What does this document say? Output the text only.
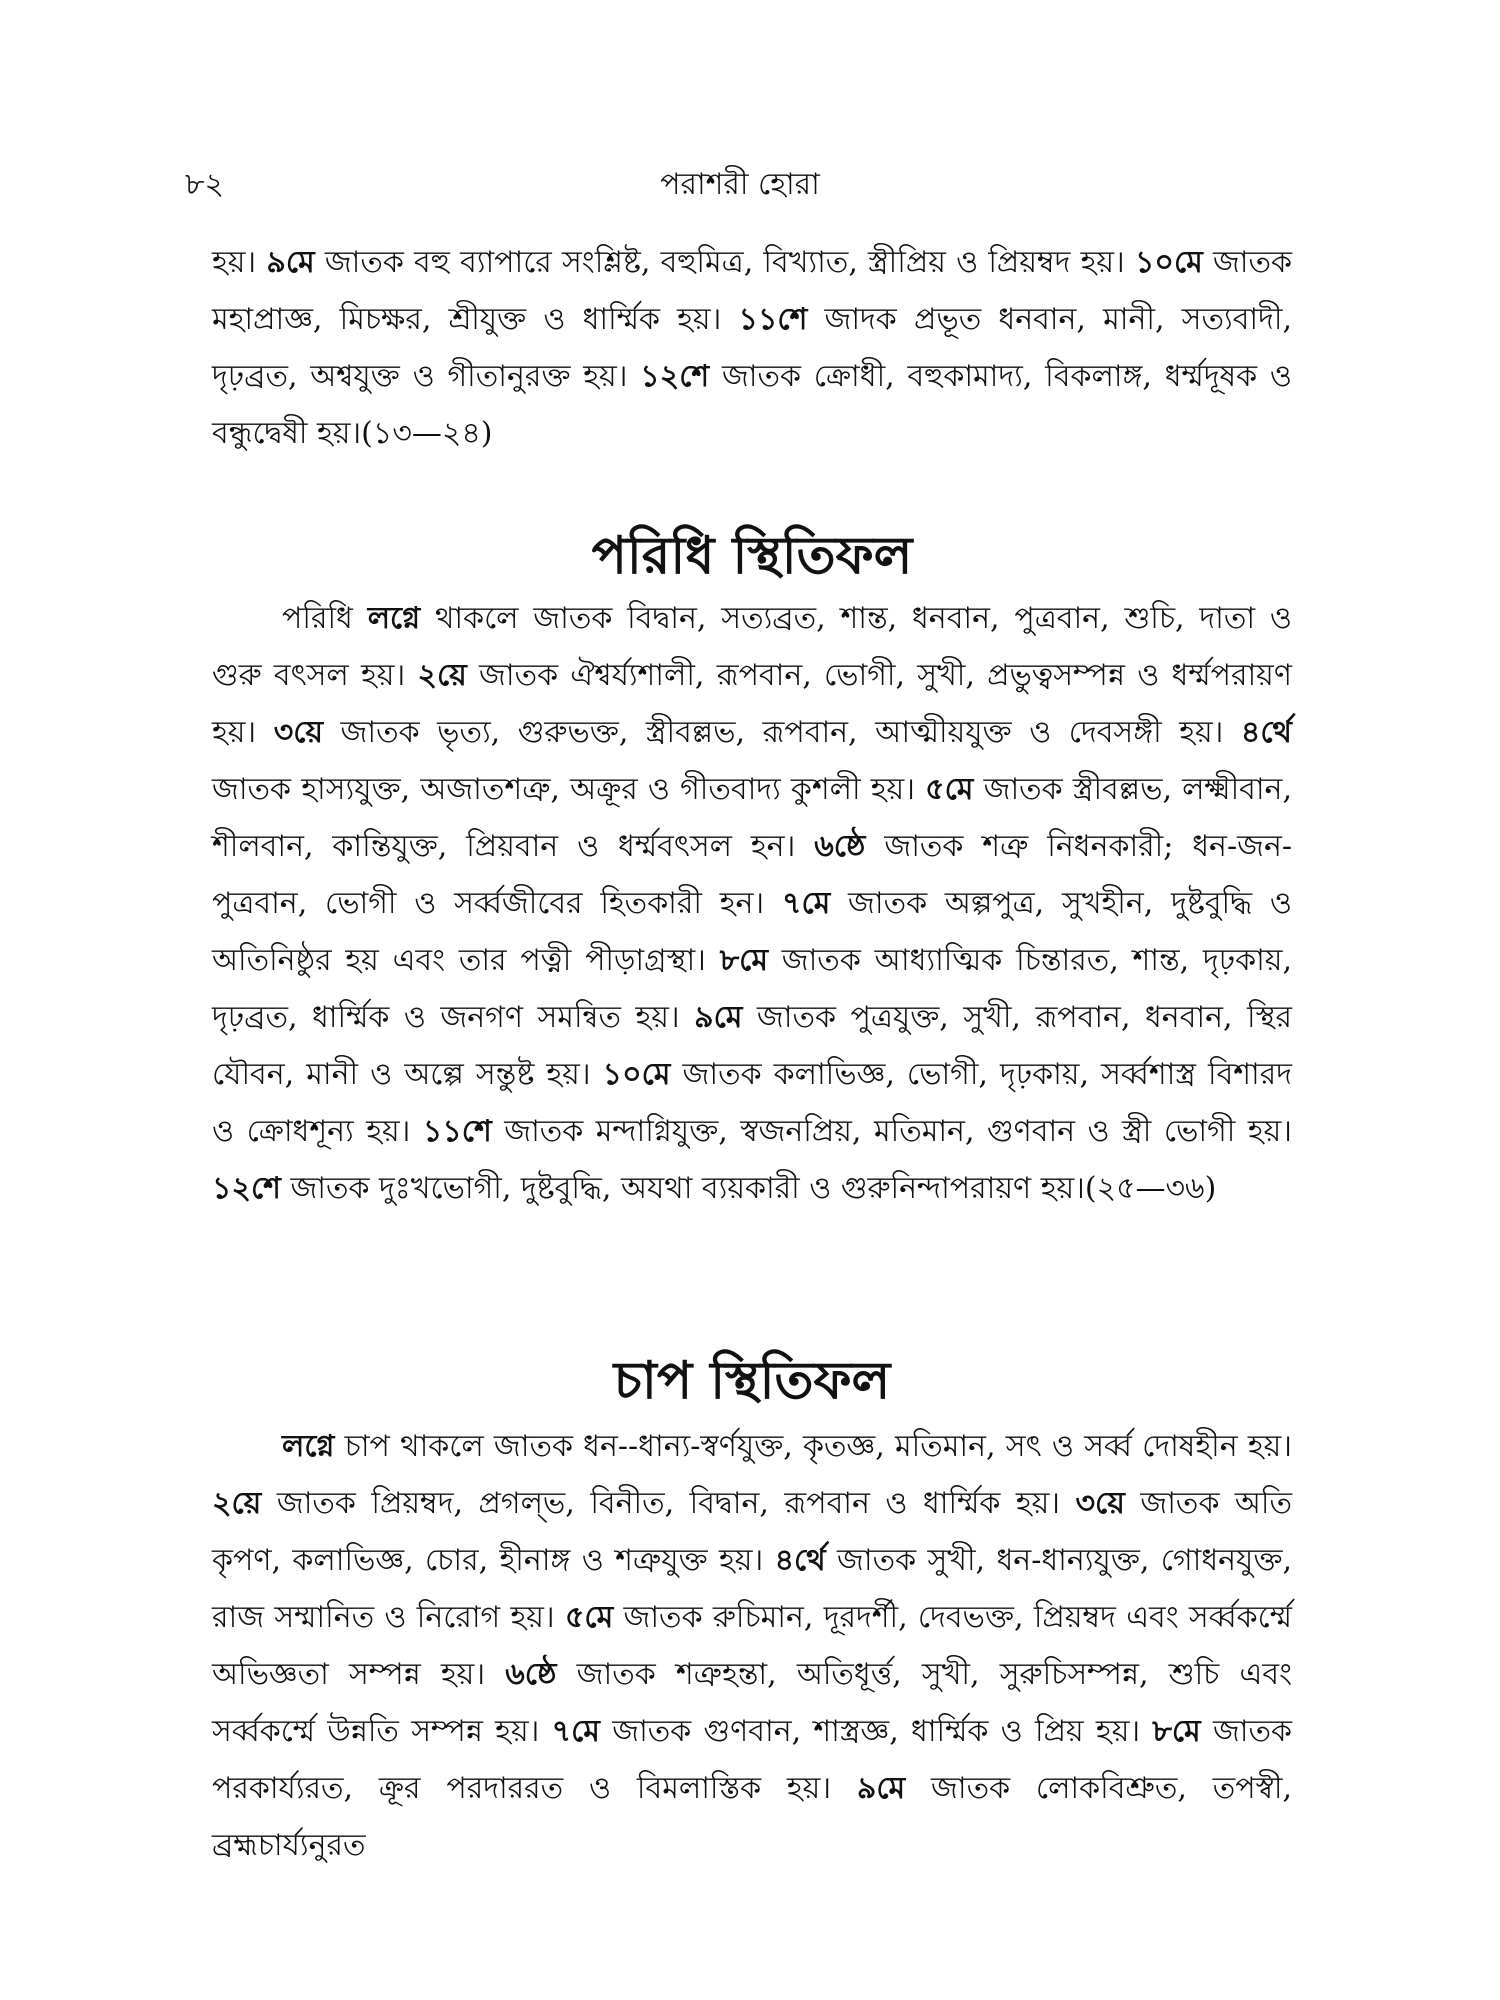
৮২	পরাশরী হোরা

হয়। ৯মে জাতক বহু ব্যাপারে সংশ্লিষ্ট, বহুমিত্র, বিখ্যাত, স্ত্রীপ্রিয় ও প্রিয়ম্বদ হয়। ১০মে জাতক মহাপ্রাজ্ঞ, মিচক্ষর, শ্রীযুক্ত ও ধার্ম্মিক হয়। ১১শে জাদক প্রভূত ধনবান, মানী, সত্যবাদী, দৃঢ়ব্রত, অশ্বযুক্ত ও গীতানুরক্ত হয়। ১২শে জাতক ক্রোধী, বহুকামাদ্য, বিকলাঙ্গ, ধর্ম্মদূষক ও বন্ধুদ্বেষী হয়।(১৩—২৪)

পরিধি স্থিতিফল

পরিধি লগ্নে থাকলে জাতক বিদ্বান, সত্যব্রত, শান্ত, ধনবান, পুত্রবান, শুচি, দাতা ও গুরু বৎসল হয়। ২য়ে জাতক ঐশ্বর্য্যশালী, রূপবান, ভোগী, সুখী, প্রভুত্বসম্পন্ন ও ধর্ম্মপরায়ণ হয়। ৩য়ে জাতক ভৃত্য, গুরুভক্ত, স্ত্রীবল্লভ, রূপবান, আত্মীয়যুক্ত ও দেবসঙ্গী হয়। ৪র্থে জাতক হাস্যযুক্ত, অজাতশত্রু, অক্রূর ও গীতবাদ্য কুশলী হয়। ৫মে জাতক স্ত্রীবল্লভ, লক্ষ্মীবান, শীলবান, কান্তিযুক্ত, প্রিয়বান ও ধর্ম্মবৎসল হন। ৬ষ্ঠে জাতক শত্রু নিধনকারী; ধন-জন-পুত্রবান, ভোগী ও সর্ব্বজীবের হিতকারী হন। ৭মে জাতক অল্পপুত্র, সুখহীন, দুষ্টবুদ্ধি ও অতিনিষ্ঠুর হয় এবং তার পত্নী পীড়াগ্রস্থা। ৮মে জাতক আধ্যাত্মিক চিন্তারত, শান্ত, দৃঢ়কায়, দৃঢ়ব্রত, ধার্ম্মিক ও জনগণ সমন্বিত হয়। ৯মে জাতক পুত্রযুক্ত, সুখী, রূপবান, ধনবান, স্থির যৌবন, মানী ও অল্পে সন্তুষ্ট হয়। ১০মে জাতক কলাভিজ্ঞ, ভোগী, দৃঢ়কায়, সর্ব্বশাস্ত্র বিশারদ ও ক্রোধশূন্য হয়। ১১শে জাতক মন্দাগ্নিযুক্ত, স্বজনপ্রিয়, মতিমান, গুণবান ও স্ত্রী ভোগী হয়। ১২শে জাতক দুঃখভোগী, দুষ্টবুদ্ধি, অযথা ব্যয়কারী ও গুরুনিন্দাপরায়ণ হয়।(২৫—৩৬)

চাপ স্থিতিফল

লগ্নে চাপ থাকলে জাতক ধন--ধান্য-স্বর্ণযুক্ত, কৃতজ্ঞ, মতিমান, সৎ ও সর্ব্ব দোষহীন হয়। ২য়ে জাতক প্রিয়ম্বদ, প্রগল্ভ, বিনীত, বিদ্বান, রূপবান ও ধার্ম্মিক হয়। ৩য়ে জাতক অতি কৃপণ, কলাভিজ্ঞ, চোর, হীনাঙ্গ ও শত্রুযুক্ত হয়। ৪র্থে জাতক সুখী, ধন-ধান্যযুক্ত, গোধনযুক্ত, রাজ সম্মানিত ও নিরোগ হয়। ৫মে জাতক রুচিমান, দূরদর্শী, দেবভক্ত, প্রিয়ম্বদ এবং সর্ব্বকর্ম্মে অভিজ্ঞতা সম্পন্ন হয়। ৬ষ্ঠে জাতক শত্রুহন্তা, অতিধূর্ত্ত, সুখী, সুরুচিসম্পন্ন, শুচি এবং সর্ব্বকর্ম্মে উন্নতি সম্পন্ন হয়। ৭মে জাতক গুণবান, শাস্ত্রজ্ঞ, ধার্ম্মিক ও প্রিয় হয়। ৮মে জাতক পরকার্য্যরত, ক্রূর পরদাররত ও বিমলাস্তিক হয়। ৯মে জাতক লোকবিশ্রুত, তপস্বী, ব্রহ্মচার্য্যনুরত
